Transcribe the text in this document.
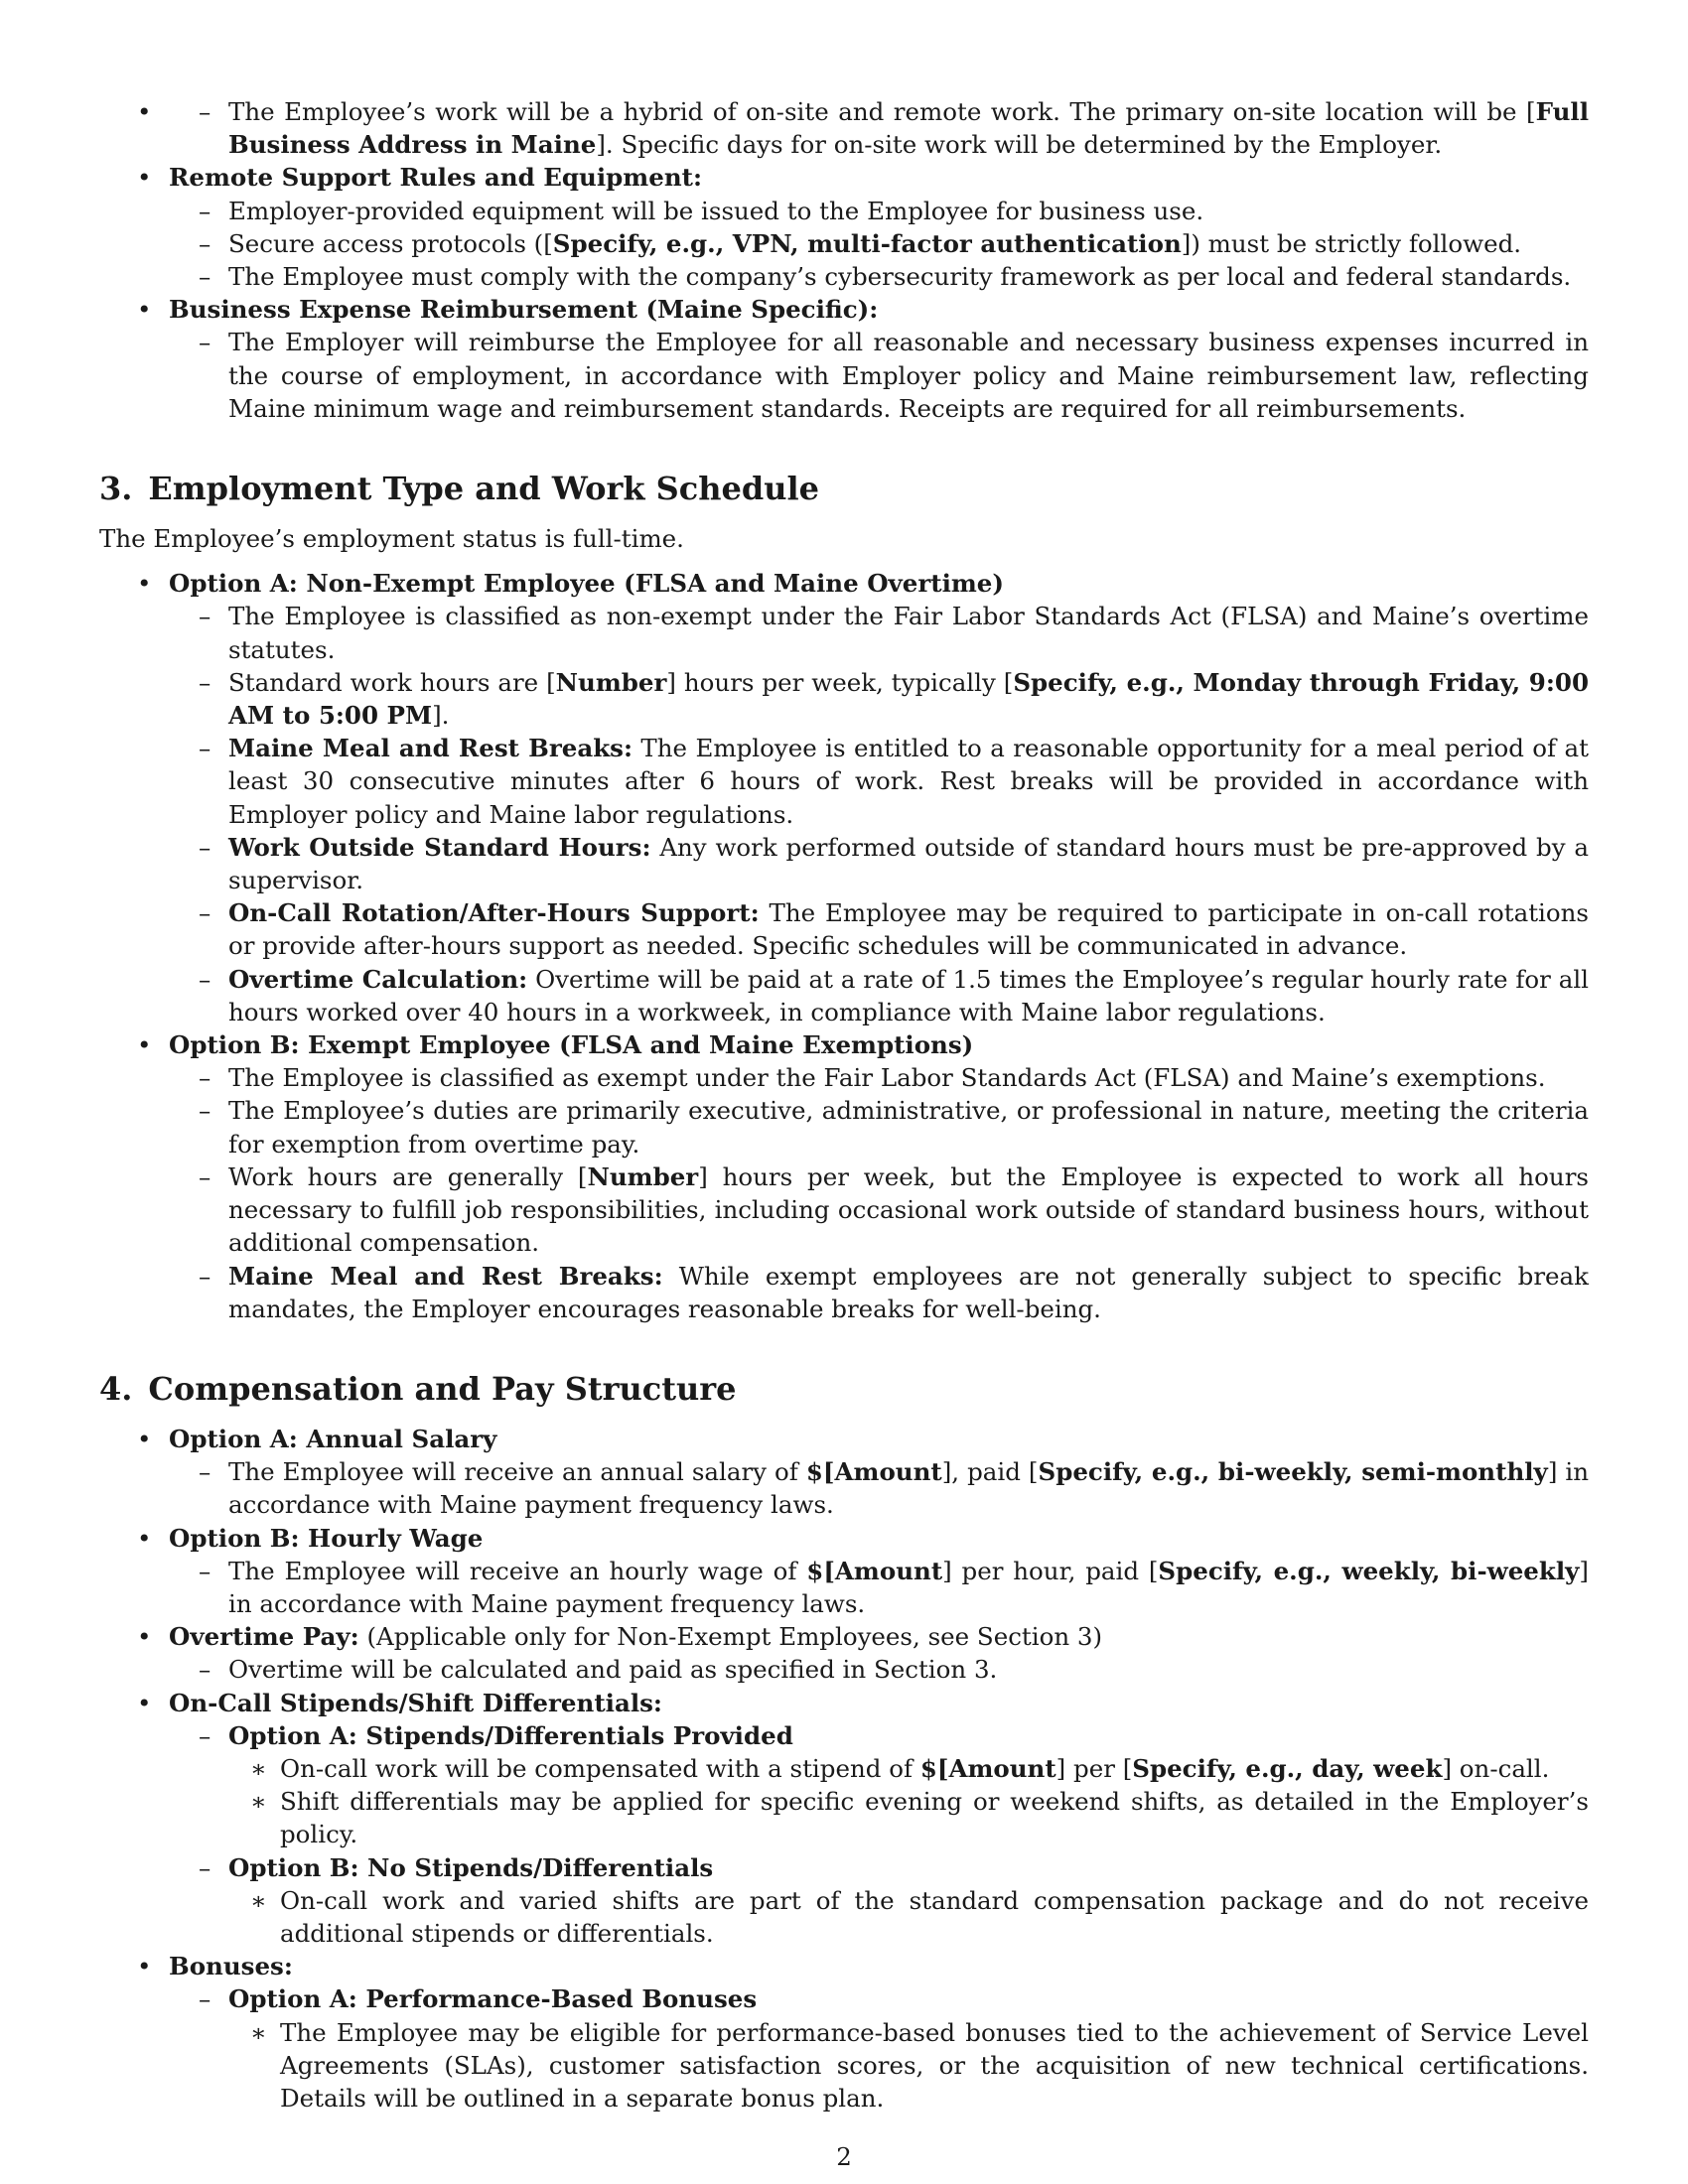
– • The Employee’s work will be a hybrid of on-site and remote work. The primary on-site location will be [Full Business Address in Maine]. Specific days for on-site work will be determined by the Employer.
• Remote Support Rules and Equipment:
– Employer-provided equipment will be issued to the Employee for business use.
– Secure access protocols ([Specify, e.g., VPN, multi-factor authentication]) must be strictly followed.
– The Employee must comply with the company’s cybersecurity framework as per local and federal standards.
• Business Expense Reimbursement (Maine Specific):
– The Employer will reimburse the Employee for all reasonable and necessary business expenses incurred in the course of employment, in accordance with Employer policy and Maine reimbursement law, reflecting Maine minimum wage and reimbursement standards. Receipts are required for all reimbursements.
3. Employment Type and Work Schedule

The Employee’s employment status is full-time.

• Option A: Non-Exempt Employee (FLSA and Maine Overtime)
– The Employee is classified as non-exempt under the Fair Labor Standards Act (FLSA) and Maine’s overtime statutes.
– Standard work hours are [Number] hours per week, typically [Specify, e.g., Monday through Friday, 9:00 AM to 5:00 PM].
– Maine Meal and Rest Breaks: The Employee is entitled to a reasonable opportunity for a meal period of at least 30 consecutive minutes after 6 hours of work. Rest breaks will be provided in accordance with Employer policy and Maine labor regulations.
– Work Outside Standard Hours: Any work performed outside of standard hours must be pre-approved by a supervisor.
– On-Call Rotation/After-Hours Support: The Employee may be required to participate in on-call rotations or provide after-hours support as needed. Specific schedules will be communicated in advance.
– Overtime Calculation: Overtime will be paid at a rate of 1.5 times the Employee’s regular hourly rate for all hours worked over 40 hours in a workweek, in compliance with Maine labor regulations.
• Option B: Exempt Employee (FLSA and Maine Exemptions)
– The Employee is classified as exempt under the Fair Labor Standards Act (FLSA) and Maine’s exemptions.
– The Employee’s duties are primarily executive, administrative, or professional in nature, meeting the criteria for exemption from overtime pay.
– Work hours are generally [Number] hours per week, but the Employee is expected to work all hours necessary to fulfill job responsibilities, including occasional work outside of standard business hours, without additional compensation.
– Maine Meal and Rest Breaks: While exempt employees are not generally subject to specific break mandates, the Employer encourages reasonable breaks for well-being.
4. Compensation and Pay Structure
• Option A: Annual Salary
– The Employee will receive an annual salary of $[Amount], paid [Specify, e.g., bi-weekly, semi-monthly] in accordance with Maine payment frequency laws.
• Option B: Hourly Wage
– The Employee will receive an hourly wage of $[Amount] per hour, paid [Specify, e.g., weekly, bi-weekly] in accordance with Maine payment frequency laws.
• Overtime Pay: (Applicable only for Non-Exempt Employees, see Section 3)
– Overtime will be calculated and paid as specified in Section 3.
• On-Call Stipends/Shift Differentials:
– Option A: Stipends/Differentials Provided
∗ On-call work will be compensated with a stipend of $[Amount] per [Specify, e.g., day, week] on-call.
∗ Shift differentials may be applied for specific evening or weekend shifts, as detailed in the Employer’s policy.
– Option B: No Stipends/Differentials
∗ On-call work and varied shifts are part of the standard compensation package and do not receive additional stipends or differentials.
• Bonuses:
– Option A: Performance-Based Bonuses
∗ The Employee may be eligible for performance-based bonuses tied to the achievement of Service Level Agreements (SLAs), customer satisfaction scores, or the acquisition of new technical certifications. Details will be outlined in a separate bonus plan.
2
